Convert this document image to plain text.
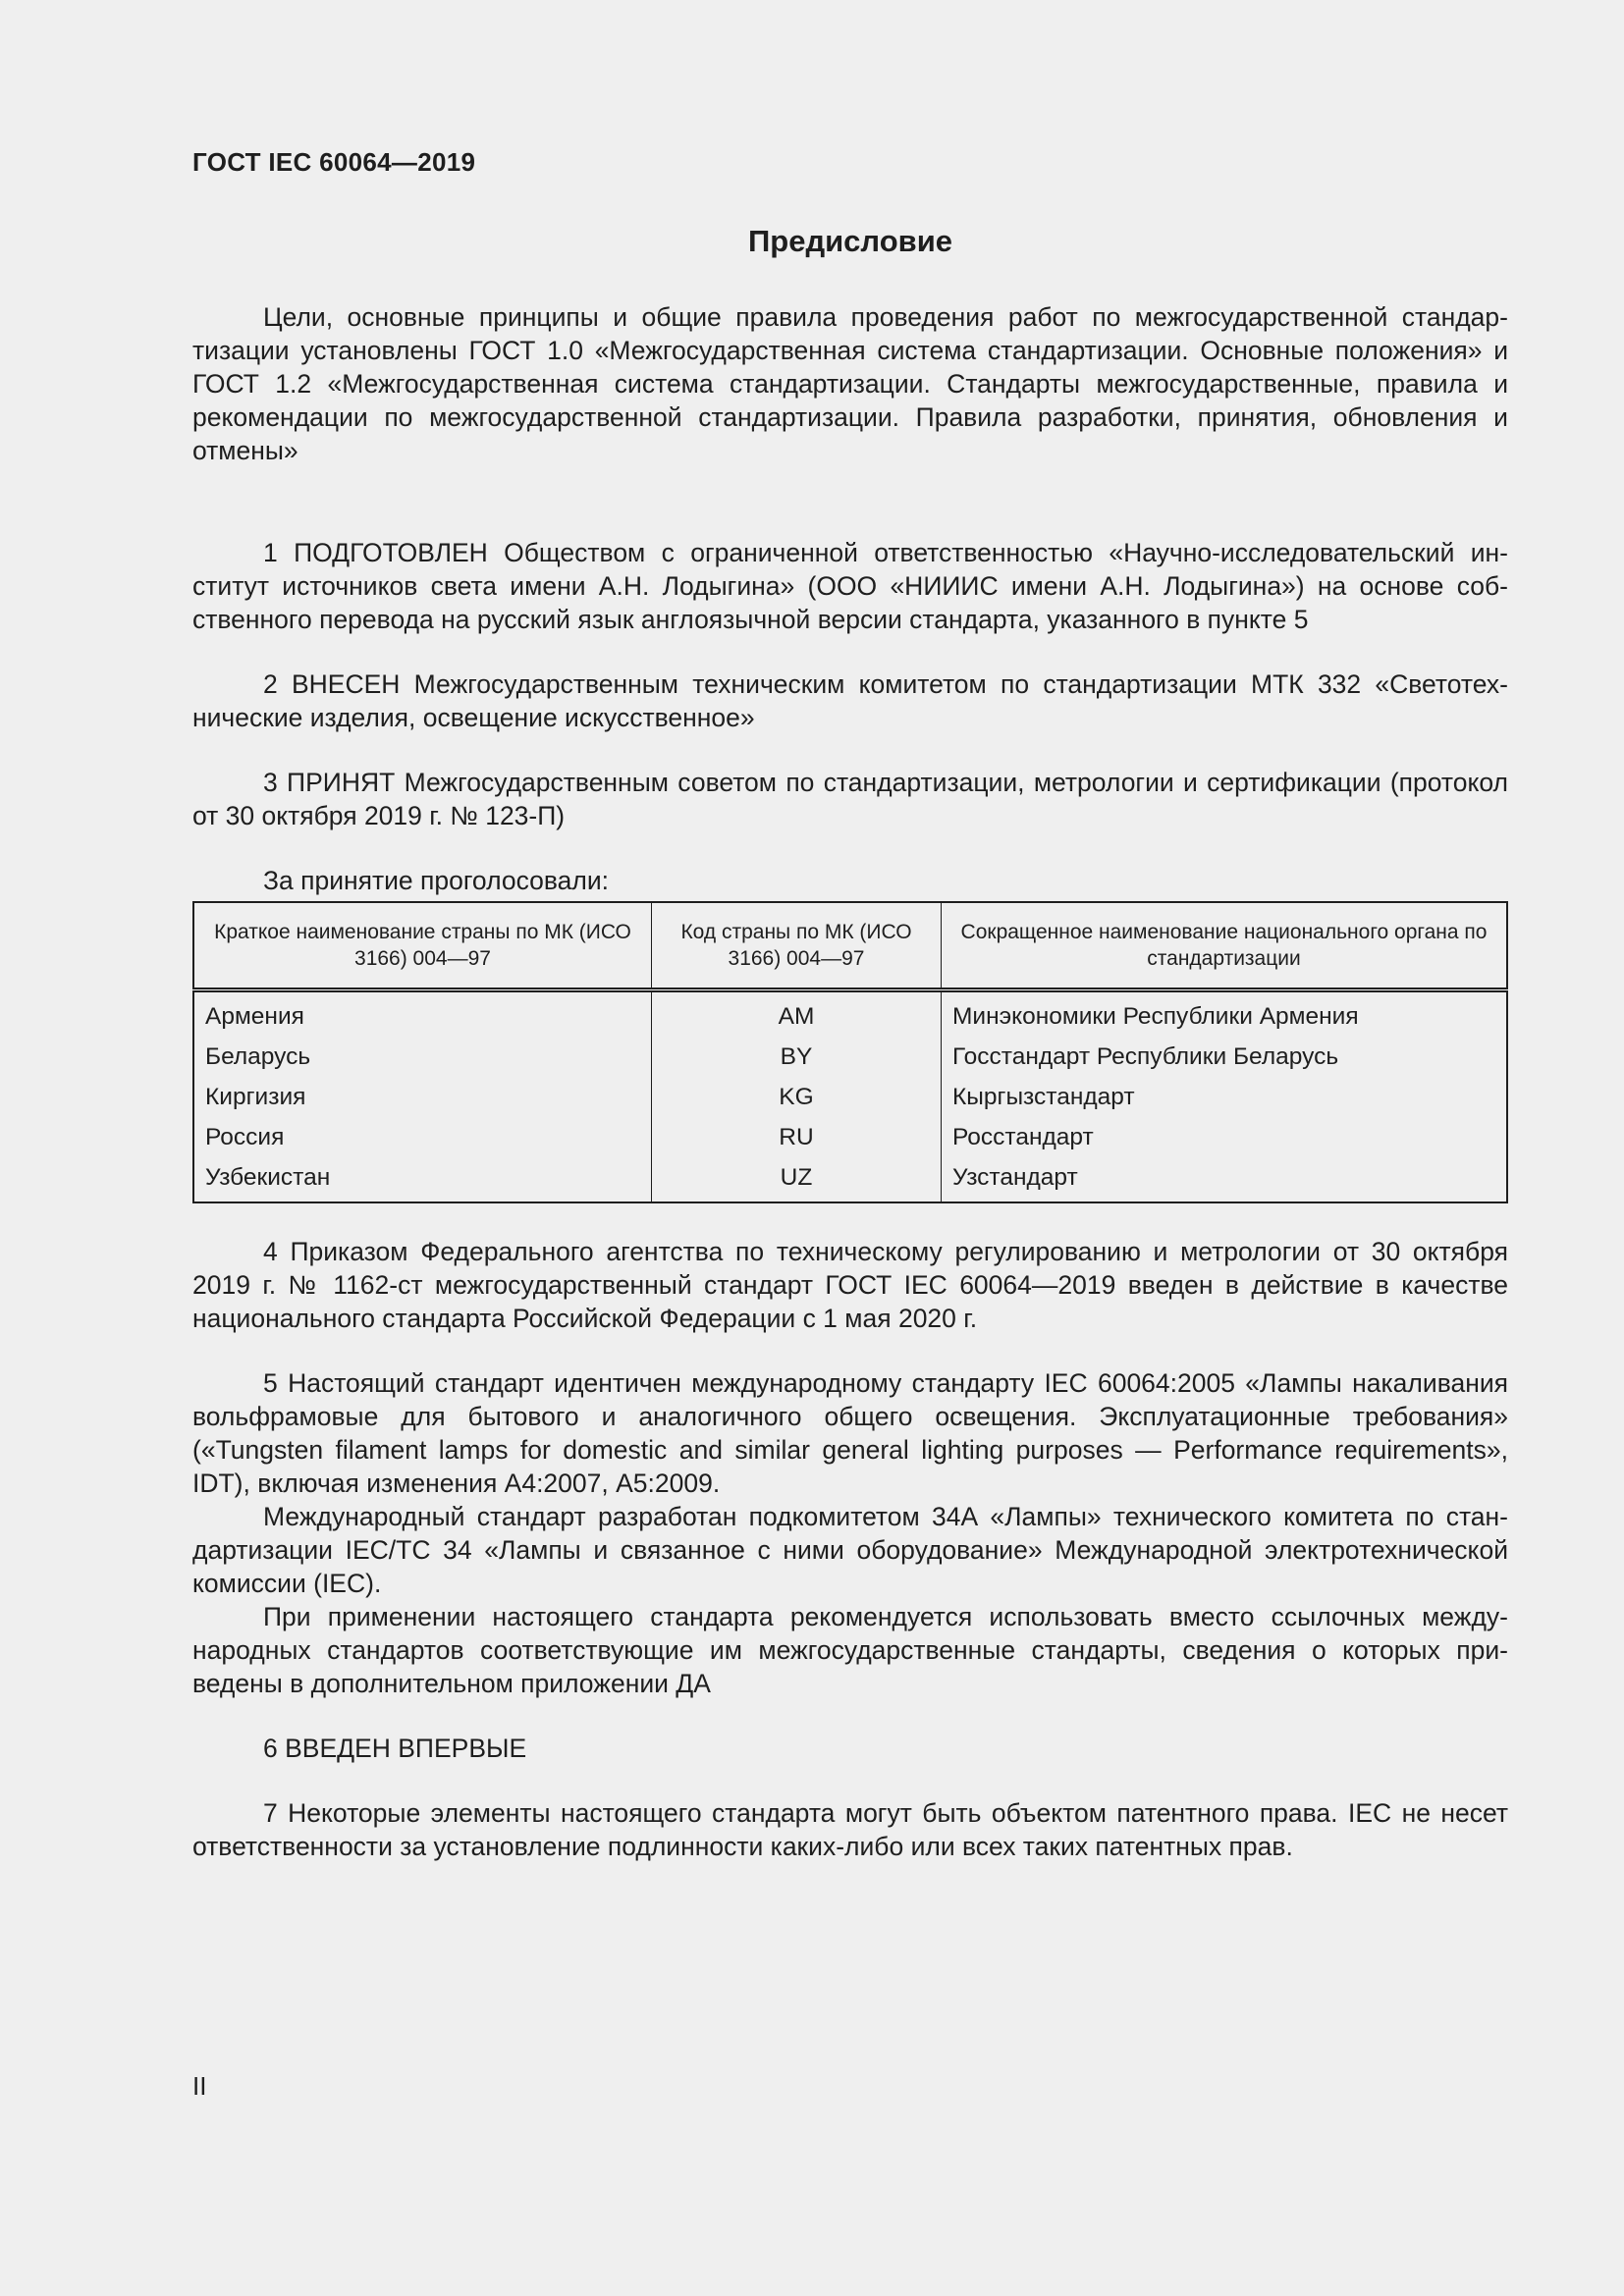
ГОСТ IEC 60064—2019
Предисловие

Цели, основные принципы и общие правила проведения работ по межгосударственной стандартизации установлены ГОСТ 1.0 «Межгосударственная система стандартизации. Основные положения» и ГОСТ 1.2 «Межгосударственная система стандартизации. Стандарты межгосударственные, правила и рекомендации по межгосударственной стандартизации. Правила разработки, принятия, обновления и отмены»

1 ПОДГОТОВЛЕН Обществом с ограниченной ответственностью «Научно-исследовательский институт источников света имени А.Н. Лодыгина» (ООО «НИИИС имени А.Н. Лодыгина») на основе собственного перевода на русский язык англоязычной версии стандарта, указанного в пункте 5

2 ВНЕСЕН Межгосударственным техническим комитетом по стандартизации МТК 332 «Светотехнические изделия, освещение искусственное»

3 ПРИНЯТ Межгосударственным советом по стандартизации, метрологии и сертификации (протокол от 30 октября 2019 г. № 123-П)

За принятие проголосовали:

Краткое наименование страны по МК (ИСО 3166) 004—97	Код страны по МК (ИСО 3166) 004—97	Сокращенное наименование национального органа по стандартизации
Армения	AM	Минэкономики Республики Армения
Беларусь	BY	Госстандарт Республики Беларусь
Киргизия	KG	Кыргызстандарт
Россия	RU	Росстандарт
Узбекистан	UZ	Узстандарт

4 Приказом Федерального агентства по техническому регулированию и метрологии от 30 октября 2019 г. № 1162-ст межгосударственный стандарт ГОСТ IEC 60064—2019 введен в действие в качестве национального стандарта Российской Федерации с 1 мая 2020 г.

5 Настоящий стандарт идентичен международному стандарту IEC 60064:2005 «Лампы накаливания вольфрамовые для бытового и аналогичного общего освещения. Эксплуатационные требования» («Tungsten filament lamps for domestic and similar general lighting purposes — Performance requirements», IDT), включая изменения А4:2007, А5:2009.

Международный стандарт разработан подкомитетом 34А «Лампы» технического комитета по стандартизации IEC/TC 34 «Лампы и связанное с ними оборудование» Международной электротехнической комиссии (IEC).

При применении настоящего стандарта рекомендуется использовать вместо ссылочных международных стандартов соответствующие им межгосударственные стандарты, сведения о которых приведены в дополнительном приложении ДА

6 ВВЕДЕН ВПЕРВЫЕ

7 Некоторые элементы настоящего стандарта могут быть объектом патентного права. IEC не несет ответственности за установление подлинности каких-либо или всех таких патентных прав.

II
